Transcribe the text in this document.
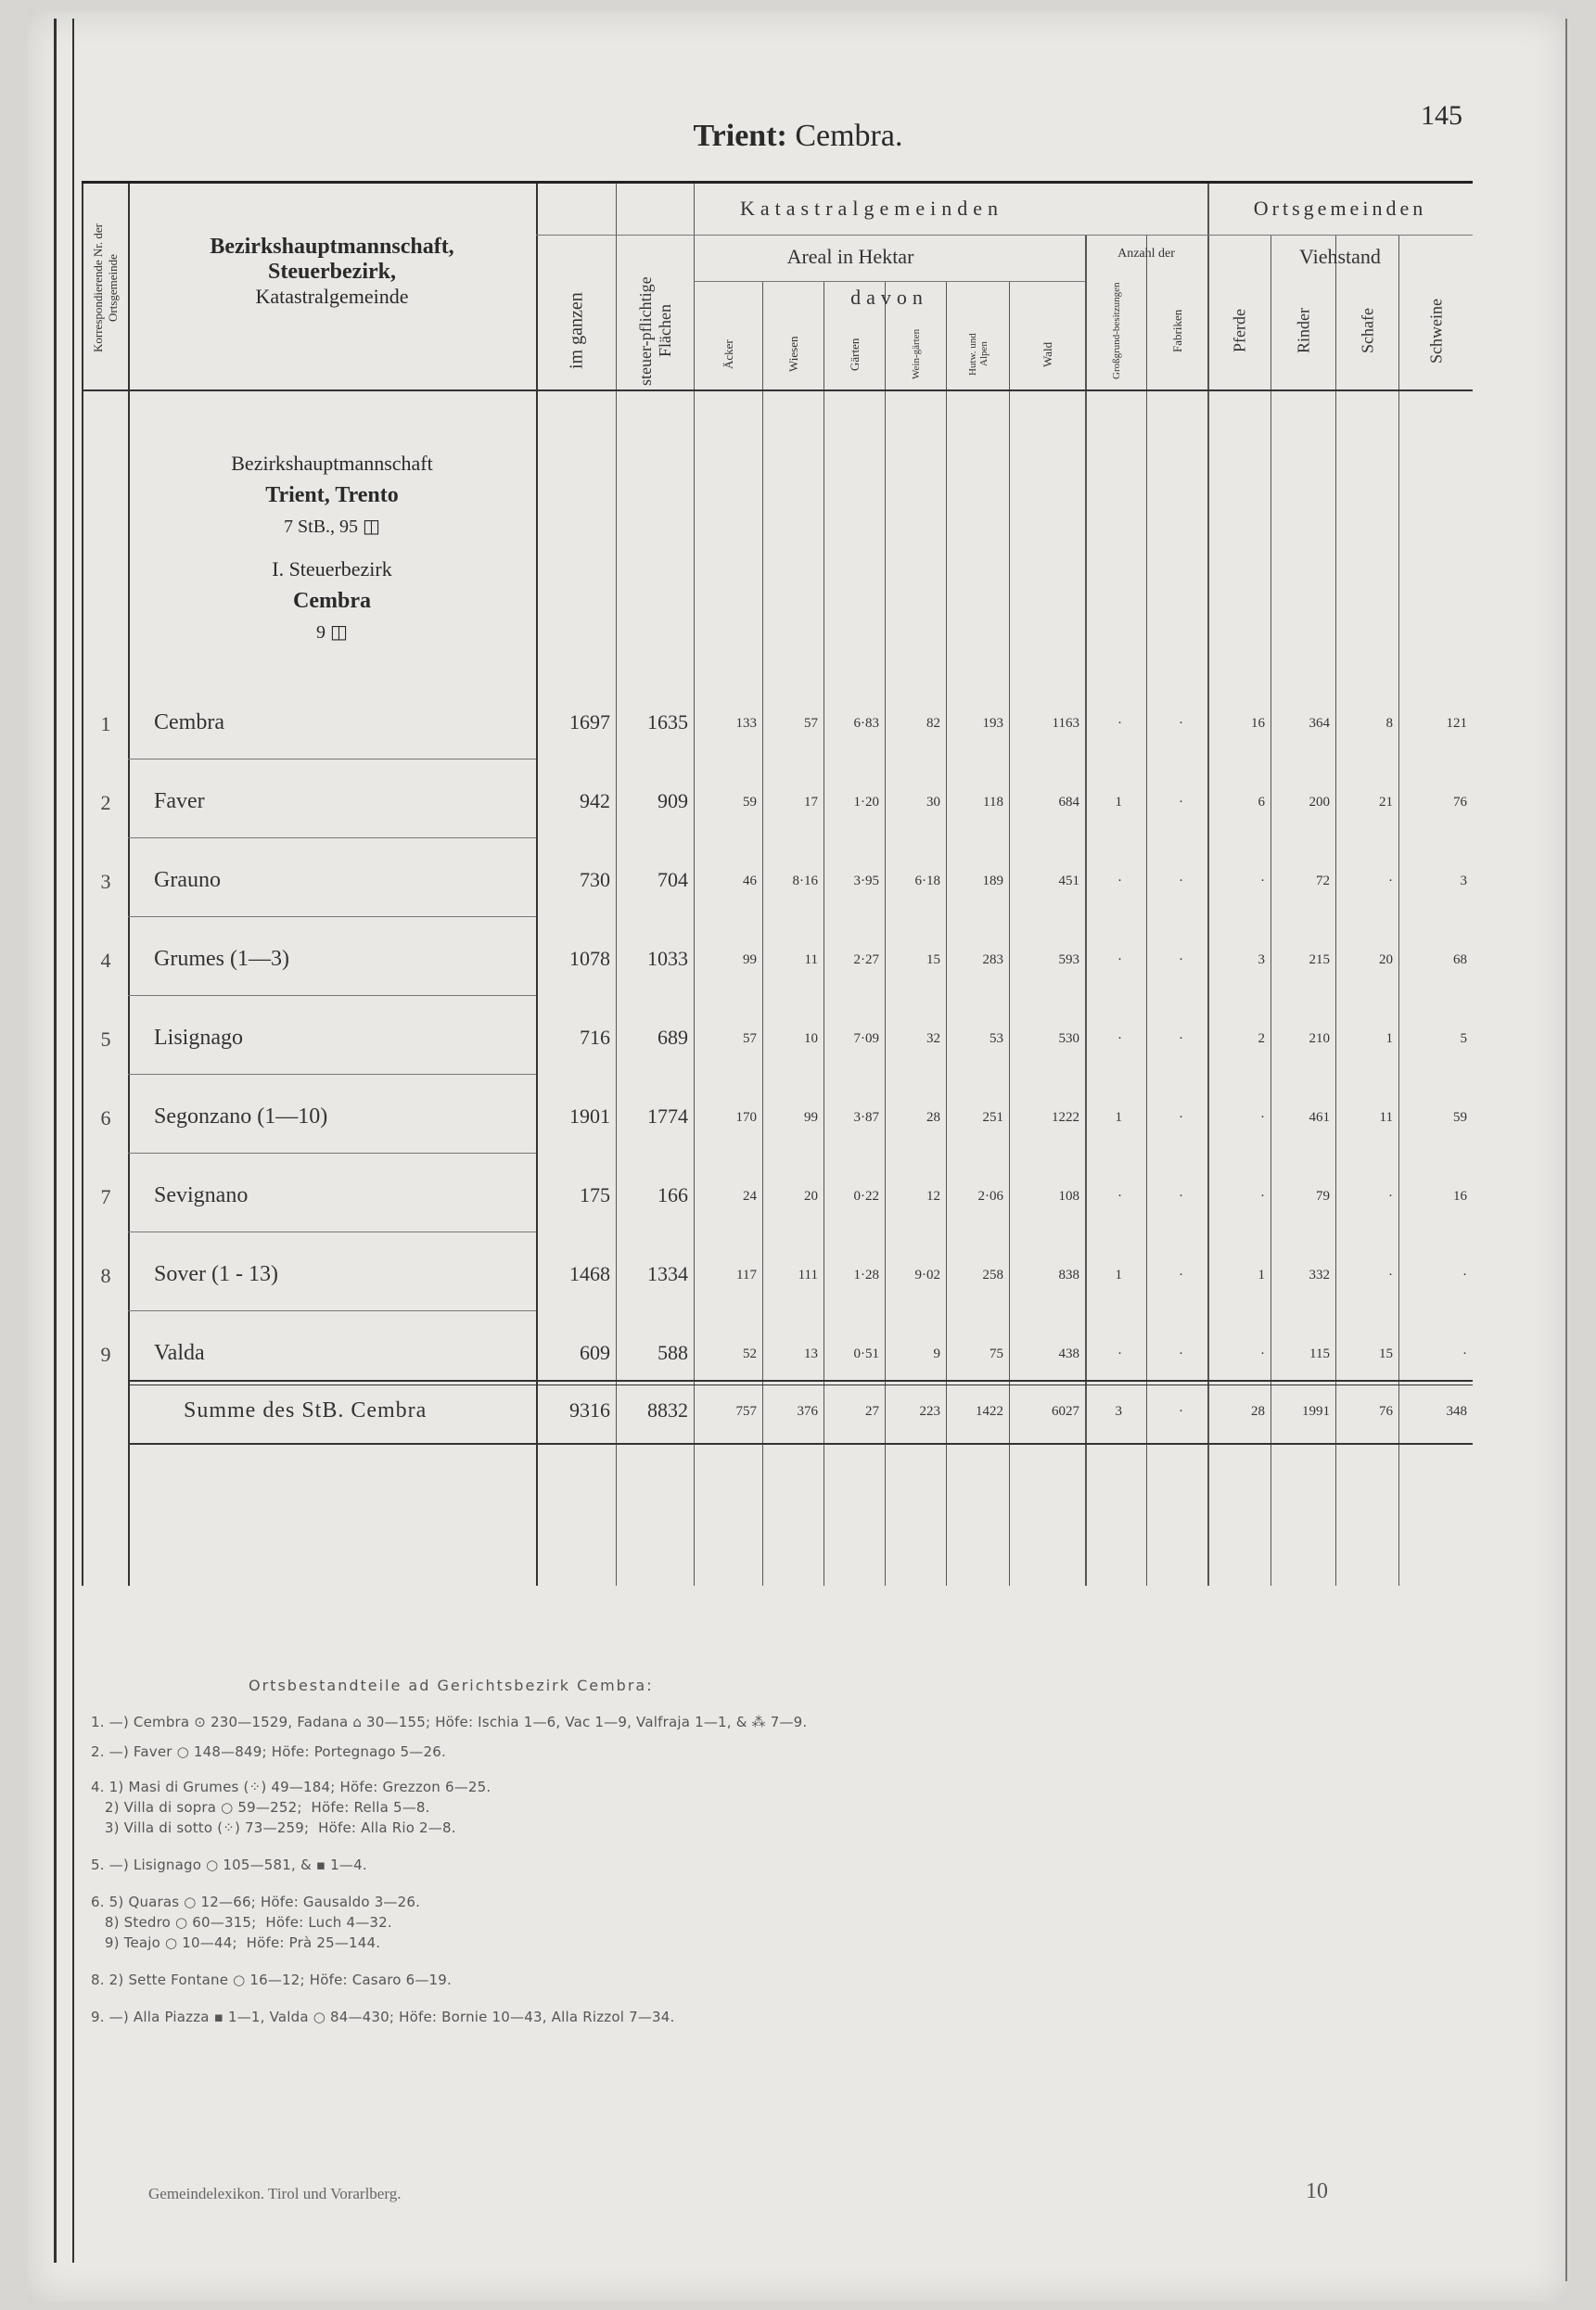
Trient: Cembra.
145
Korrespondierende Nr. der Ortsgemeinde
Bezirkshauptmannschaft,
Steuerbezirk,
Katastralgemeinde
Katastralgemeinden
Areal in Hektar
davon
Anzahl der
Ortsgemeinden
Viehstand
im ganzen	steuer-pflichtige Flächen	Äcker	Wiesen	Gärten	Wein-gärten	Hutw. und Alpen	Wald	Großgrund-besitzungen	Fabriken	Pferde	Rinder	Schafe	Schweine
Bezirkshauptmannschaft
Trient, Trento
7 StB., 95 ◫
I. Steuerbezirk
Cembra
9 ◫
1	Cembra	1697	1635	133	57	6·83	82	193	1163	·	·	16	364	8	121
2	Faver	942	909	59	17	1·20	30	118	684	1	·	6	200	21	76
3	Grauno	730	704	46	8·16	3·95	6·18	189	451	·	·	·	72	·	3
4	Grumes (1—3)	1078	1033	99	11	2·27	15	283	593	·	·	3	215	20	68
5	Lisignago	716	689	57	10	7·09	32	53	530	·	·	2	210	1	5
6	Segonzano (1—10)	1901	1774	170	99	3·87	28	251	1222	1	·	·	461	11	59
7	Sevignano	175	166	24	20	0·22	12	2·06	108	·	·	·	79	·	16
8	Sover (1 - 13)	1468	1334	117	111	1·28	9·02	258	838	1	·	1	332	·	·
9	Valda	609	588	52	13	0·51	9	75	438	·	·	·	115	15	·
Summe des StB. Cembra	9316	8832	757	376	27	223	1422	6027	3	·	28	1991	76	348
Ortsbestandteile ad Gerichtsbezirk Cembra:
1. —) Cembra ⊙ 230—1529, Fadana ⌂ 30—155; Höfe: Ischia 1—6, Vac 1—9, Valfraja 1—1, & ⁂ 7—9.
2. —) Faver ○ 148—849; Höfe: Portegnago 5—26.
4. 1) Masi di Grumes (⁘) 49—184; Höfe: Grezzon 6—25.
2) Villa di sopra ○ 59—252;  Höfe: Rella 5—8.
3) Villa di sotto (⁘) 73—259;  Höfe: Alla Rio 2—8.
5. —) Lisignago ○ 105—581, & ▪ 1—4.
6. 5) Quaras ○ 12—66; Höfe: Gausaldo 3—26.
8) Stedro ○ 60—315;  Höfe: Luch 4—32.
9) Teajo ○ 10—44;  Höfe: Prà 25—144.
8. 2) Sette Fontane ○ 16—12; Höfe: Casaro 6—19.
9. —) Alla Piazza ▪ 1—1, Valda ○ 84—430; Höfe: Bornie 10—43, Alla Rizzol 7—34.
Gemeindelexikon. Tirol und Vorarlberg.	10
